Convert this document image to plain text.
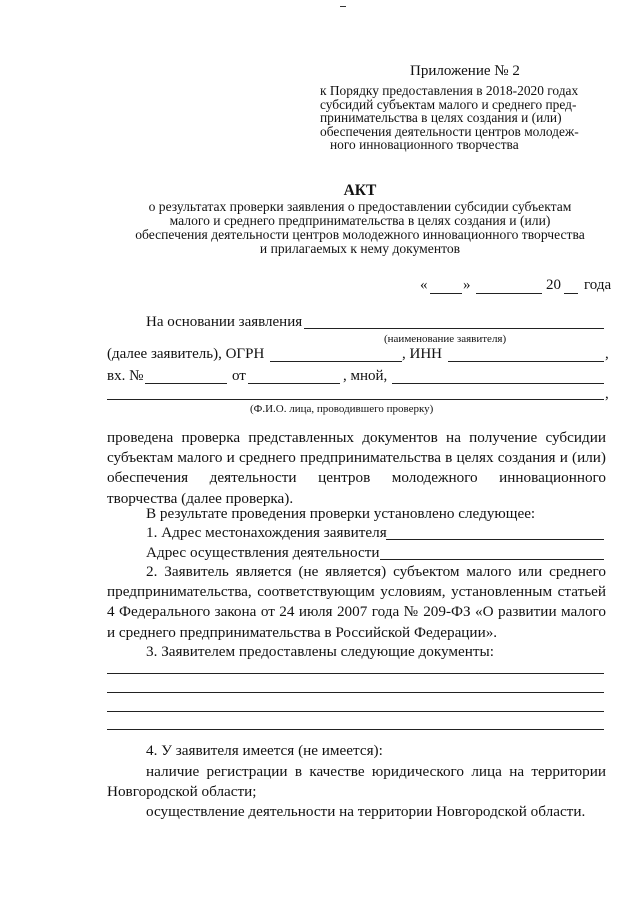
Приложение № 2
к Порядку предоставления в 2018-2020 годах
субсидий субъектам малого и среднего пред-
принимательства в целях создания и (или)
обеспечения деятельности центров молодеж-
ного инновационного творчества
АКТ
о результатах проверки заявления о предоставлении субсидии субъектам
малого и среднего предпринимательства в целях создания и (или)
обеспечения деятельности центров молодежного инновационного творчества
и прилагаемых к нему документов
« »	20 года
На основании заявления
(наименование заявителя)
(далее заявитель), ОГРН	, ИНН	,
вх. №	от	, мной,
,
(Ф.И.О. лица, проводившего проверку)
проведена проверка представленных документов на получение субсидии субъектам малого и среднего предпринимательства в целях создания и (или) обеспечения деятельности центров молодежного инновационного творчества (далее проверка).
В результате проведения проверки установлено следующее:
1. Адрес местонахождения заявителя
Адрес осуществления деятельности
2. Заявитель является (не является) субъектом малого или среднего предпринимательства, соответствующим условиям, установленным статьей 4 Федерального закона от 24 июля 2007 года № 209-ФЗ «О развитии малого и среднего предпринимательства в Российской Федерации».
3. Заявителем предоставлены следующие документы:
4. У заявителя имеется (не имеется):
наличие регистрации в качестве юридического лица на территории Новгородской области;
осуществление деятельности на территории Новгородской области.
